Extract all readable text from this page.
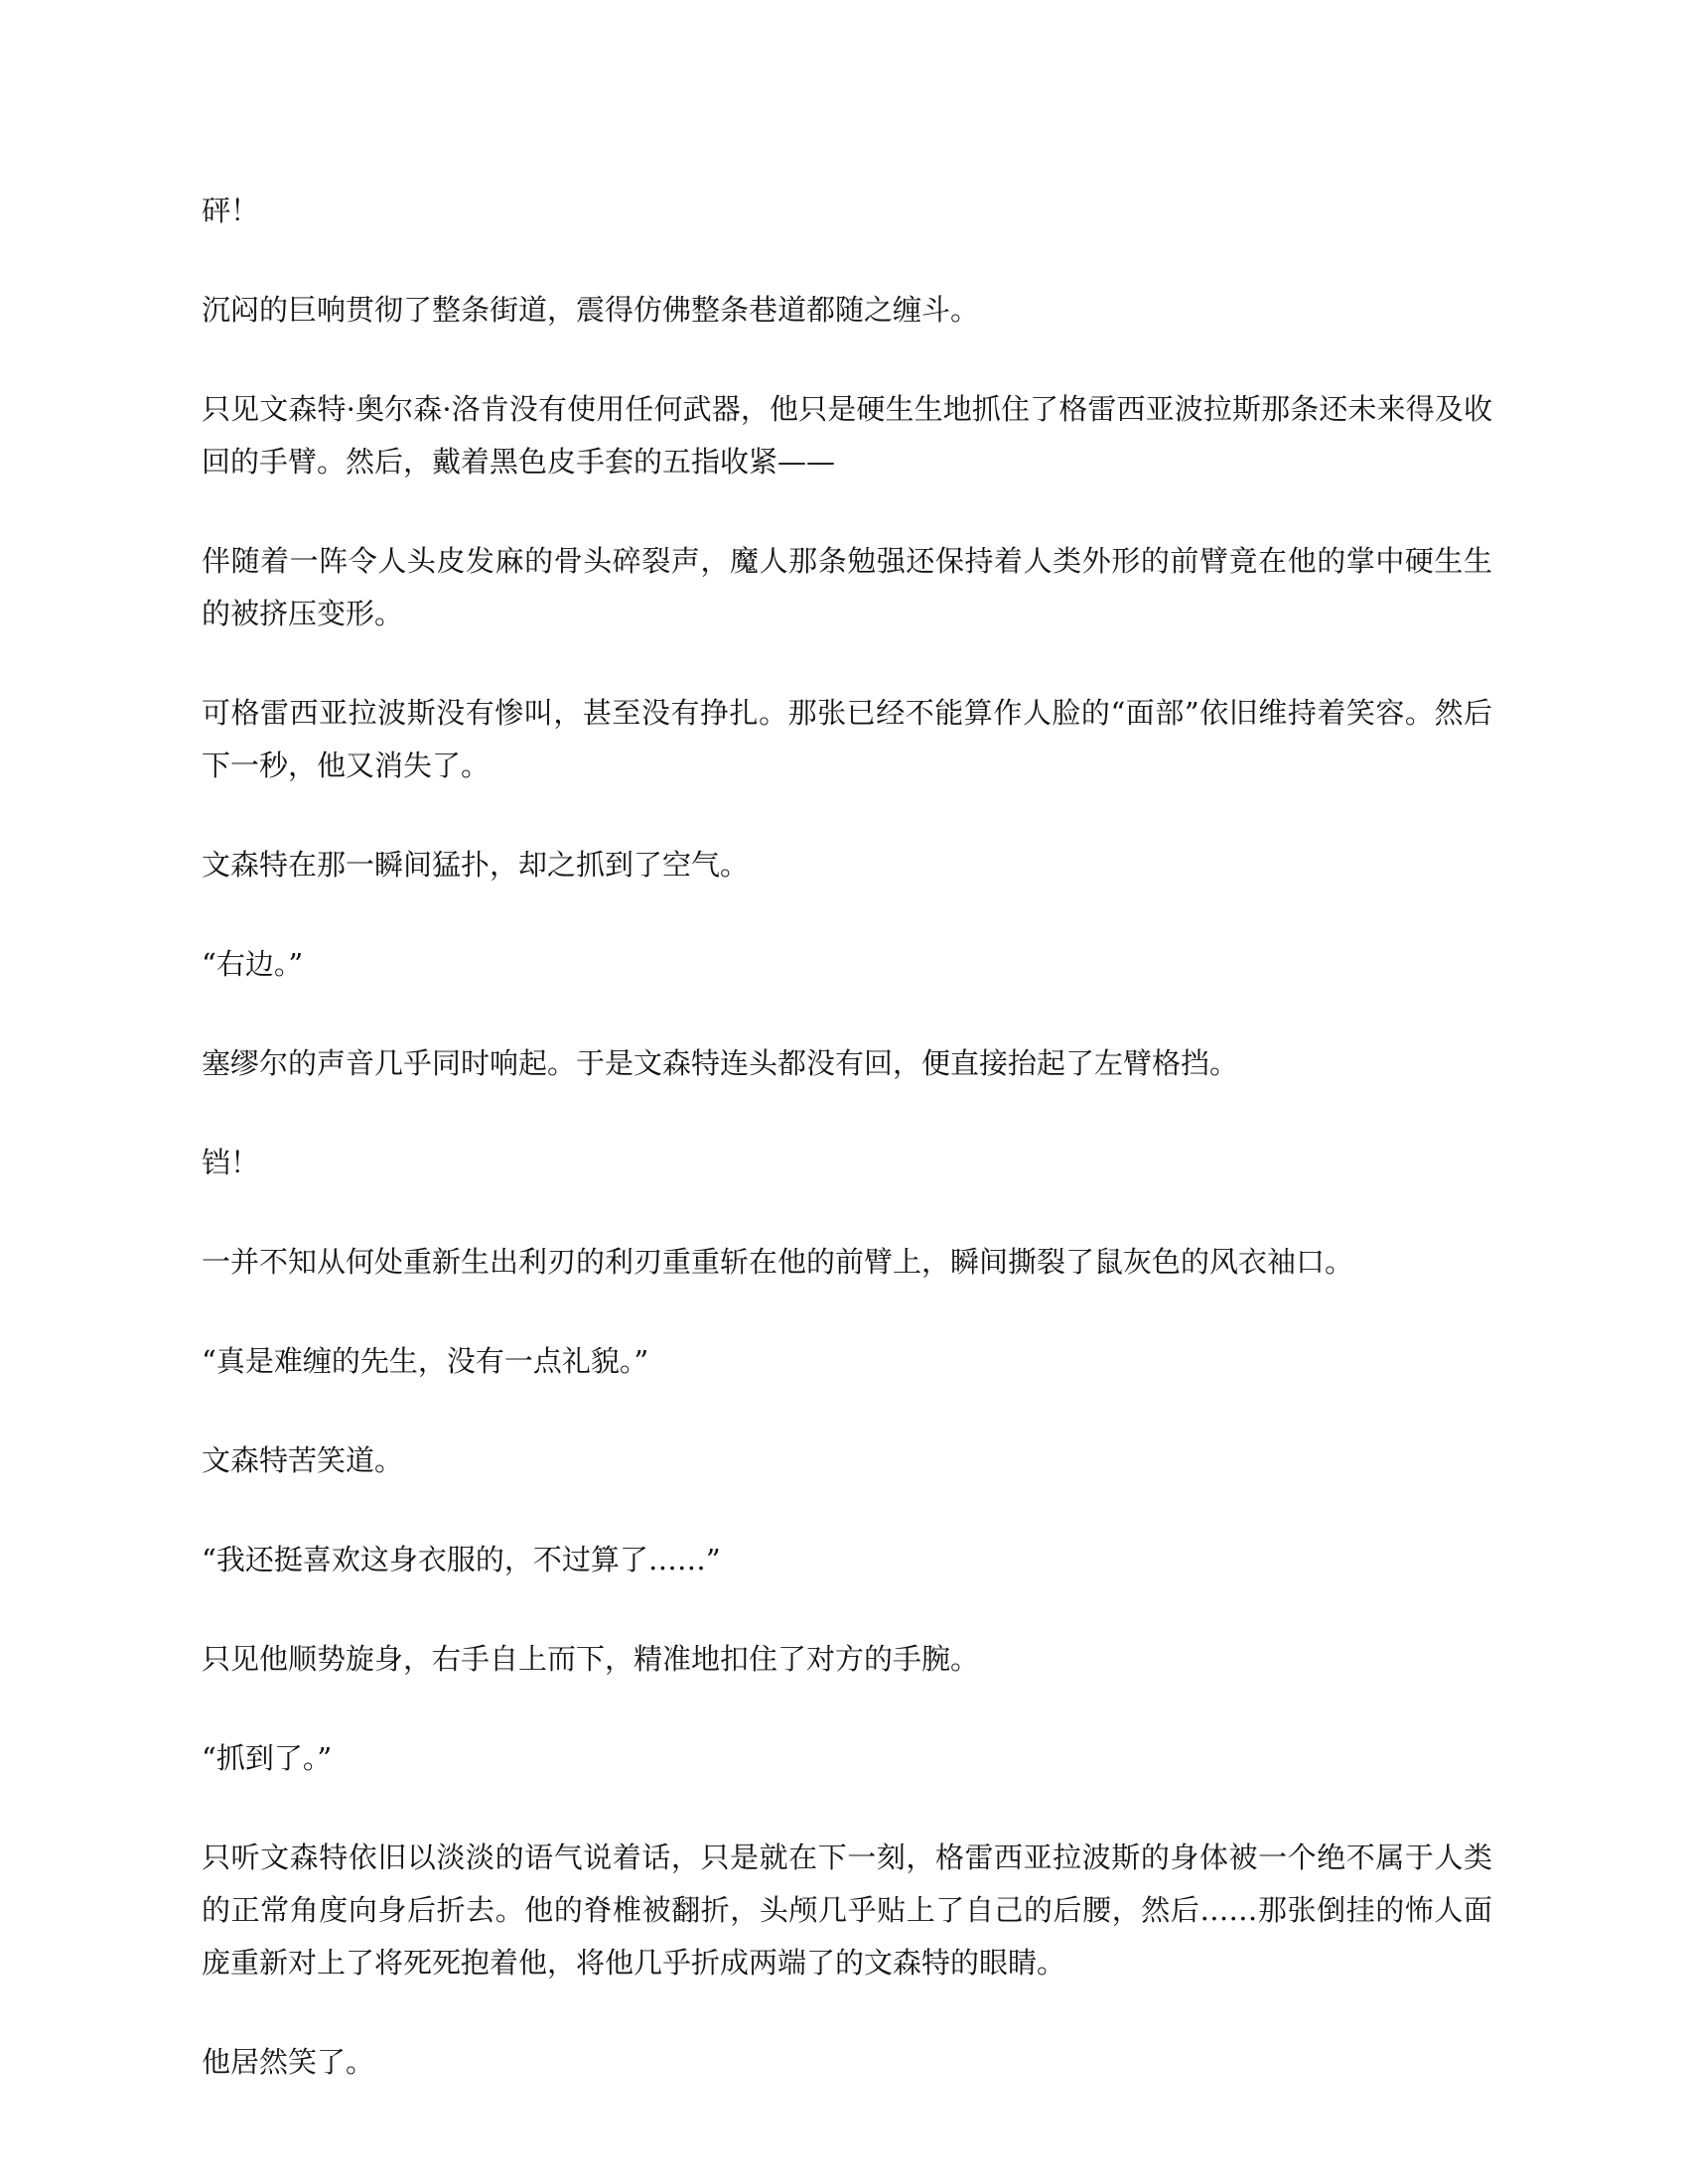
砰！

沉闷的巨响贯彻了整条街道，震得仿佛整条巷道都随之缠斗。

只见文森特·奥尔森·洛肯没有使用任何武器，他只是硬生生地抓住了格雷西亚波拉斯那条还未来得及收回的手臂。然后，戴着黑色皮手套的五指收紧——

伴随着一阵令人头皮发麻的骨头碎裂声，魔人那条勉强还保持着人类外形的前臂竟在他的掌中硬生生的被挤压变形。

可格雷西亚拉波斯没有惨叫，甚至没有挣扎。那张已经不能算作人脸的“面部”依旧维持着笑容。然后下一秒，他又消失了。

文森特在那一瞬间猛扑，却之抓到了空气。

“右边。”

塞缪尔的声音几乎同时响起。于是文森特连头都没有回，便直接抬起了左臂格挡。

铛！

一并不知从何处重新生出利刃的利刃重重斩在他的前臂上，瞬间撕裂了鼠灰色的风衣袖口。

“真是难缠的先生，没有一点礼貌。”

文森特苦笑道。

“我还挺喜欢这身衣服的，不过算了……”

只见他顺势旋身，右手自上而下，精准地扣住了对方的手腕。

“抓到了。”

只听文森特依旧以淡淡的语气说着话，只是就在下一刻，格雷西亚拉波斯的身体被一个绝不属于人类的正常角度向身后折去。他的脊椎被翻折，头颅几乎贴上了自己的后腰，然后……那张倒挂的怖人面庞重新对上了将死死抱着他，将他几乎折成两端了的文森特的眼睛。

他居然笑了。
